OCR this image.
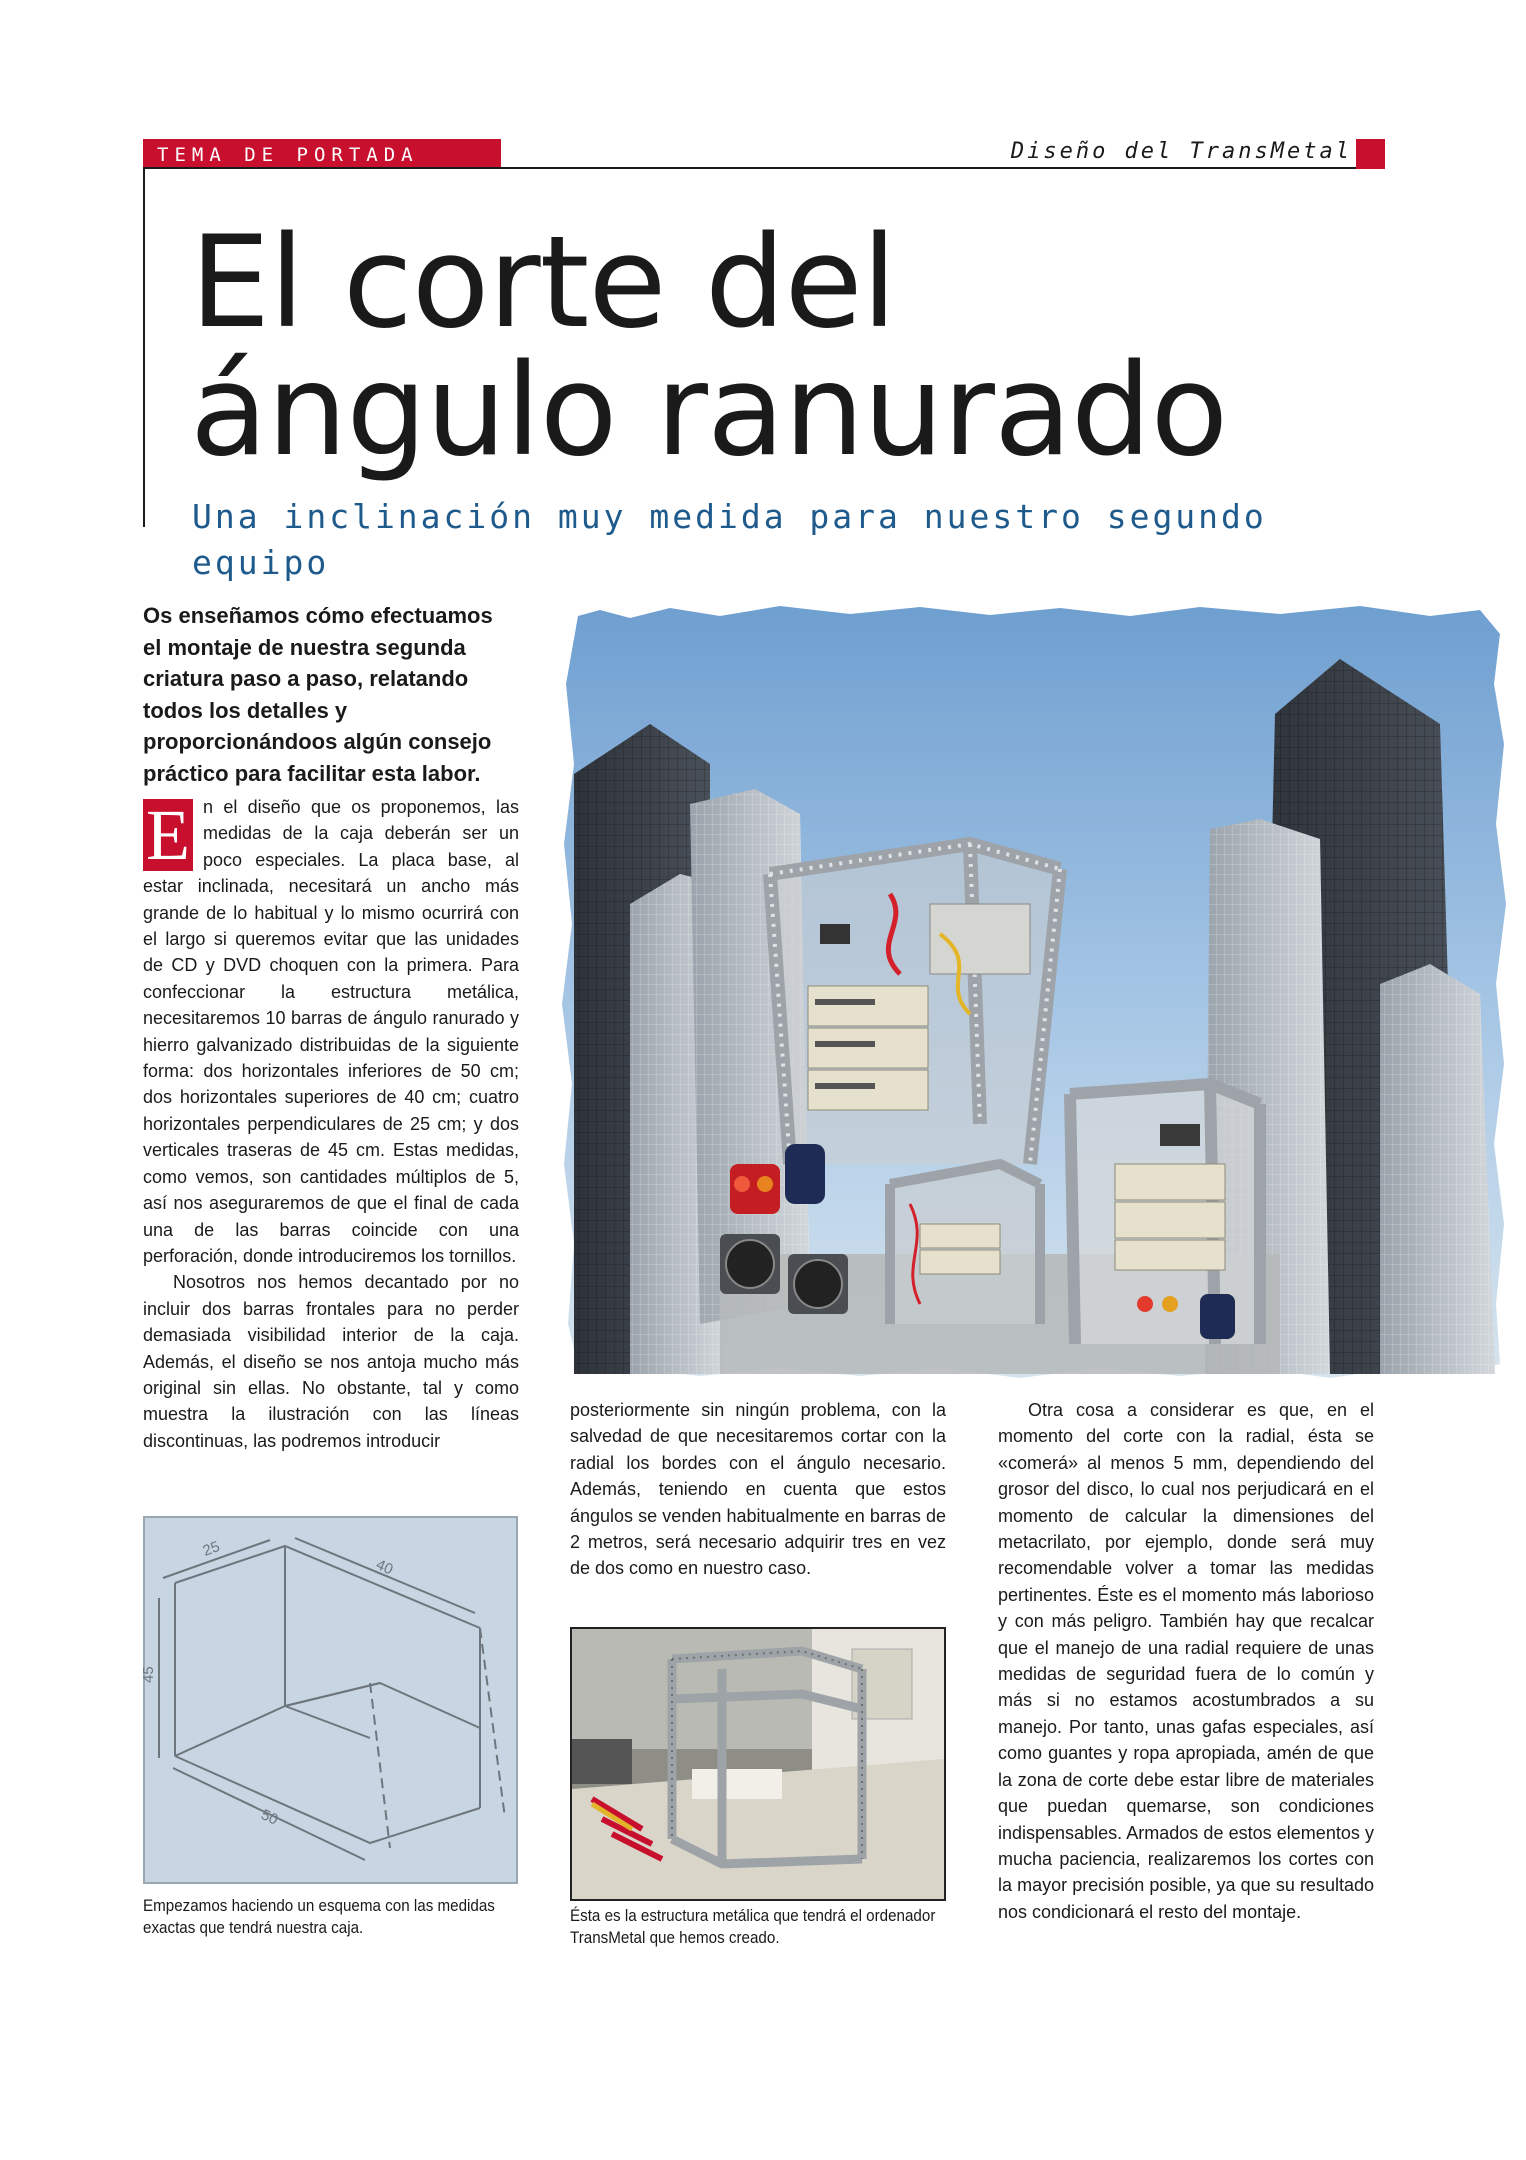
TEMA DE PORTADA	Diseño del TransMetal
El corte del
ángulo ranurado
Una inclinación muy medida para nuestro segundo equipo
Os enseñamos cómo efectuamos el montaje de nuestra segunda criatura paso a paso, relatando todos los detalles y proporcionándoos algún consejo práctico para facilitar esta labor.

E n el diseño que os proponemos, las medidas de la caja deberán ser un poco especiales. La placa base, al estar inclinada, necesitará un ancho más grande de lo habitual y lo mismo ocurrirá con el largo si queremos evitar que las unidades de CD y DVD choquen con la primera. Para confeccionar la estructura metálica, necesitaremos 10 barras de ángulo ranurado y hierro galvanizado distribuidas de la siguiente forma: dos horizontales inferiores de 50 cm; dos horizontales superiores de 40 cm; cuatro horizontales perpendiculares de 25 cm; y dos verticales traseras de 45 cm. Estas medidas, como vemos, son cantidades múltiplos de 5, así nos aseguraremos de que el final de cada una de las barras coincide con una perforación, donde introduciremos los tornillos.

Nosotros nos hemos decantado por no incluir dos barras frontales para no perder demasiada visibilidad interior de la caja. Además, el diseño se nos antoja mucho más original sin ellas. No obstante, tal y como muestra la ilustración con las líneas discontinuas, las podremos introducir

posteriormente sin ningún problema, con la salvedad de que necesitaremos cortar con la radial los bordes con el ángulo necesario. Además, teniendo en cuenta que estos ángulos se venden habitualmente en barras de 2 metros, será necesario adquirir tres en vez de dos como en nuestro caso.

Otra cosa a considerar es que, en el momento del corte con la radial, ésta se «comerá» al menos 5 mm, dependiendo del grosor del disco, lo cual nos perjudicará en el momento de calcular la dimensiones del metacrilato, por ejemplo, donde será muy recomendable volver a tomar las medidas pertinentes. Éste es el momento más laborioso y con más peligro. También hay que recalcar que el manejo de una radial requiere de unas medidas de seguridad fuera de lo común y más si no estamos acostumbrados a su manejo. Por tanto, unas gafas especiales, así como guantes y ropa apropiada, amén de que la zona de corte debe estar libre de materiales que puedan quemarse, son condiciones indispensables. Armados de estos elementos y mucha paciencia, realizaremos los cortes con la mayor precisión posible, ya que su resultado nos condicionará el resto del montaje.

25
40
45
50
Empezamos haciendo un esquema con las medidas exactas que tendrá nuestra caja.
Ésta es la estructura metálica que tendrá el ordenador TransMetal que hemos creado.
